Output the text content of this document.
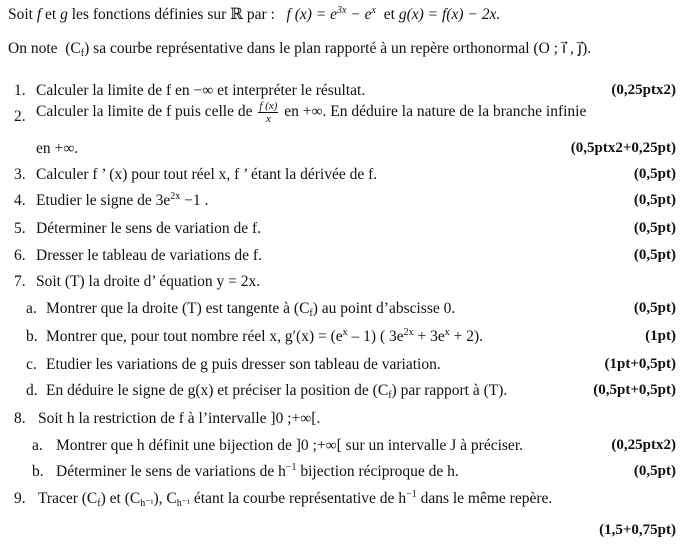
Soit f et g les fonctions définies sur ℝ par : f $(x) = e^{3x} - e^x$ et g(x) = f(x) − 2x.
On note $(C_f)$ sa courbe représentative dans le plan rapporté à un repère orthonormal (O ; i⃗ , j⃗).
1. Calculer la limite de f en −∞ et interpréter le résultat.	(0,25ptx2)
2. Calculer la limite de f puis celle de $\frac{f (x)}{x}$ en +∞. En déduire la nature de la branche infinie
en +∞.	(0,5ptx2+0,25pt)
3. Calculer f ’ (x) pour tout réel x, f ’ étant la dérivée de f.	(0,5pt)
4. Etudier le signe de $3e^{2x} -1$ .	(0,5pt)
5. Déterminer le sens de variation de f.	(0,5pt)
6. Dresser le tableau de variations de f.	(0,5pt)
7. Soit (T) la droite d’ équation y = 2x.
a. Montrer que la droite (T) est tangente à $(C_f)$ au point d’abscisse 0.	(0,5pt)
b. Montrer que, pour tout nombre réel x, $g'(x) = (e^x - 1)$ ( $3e^{2x} + 3e^x + 2$).	(1pt)
c. Etudier les variations de g puis dresser son tableau de variation.	(1pt+0,5pt)
d. En déduire le signe de g(x) et préciser la position de $(C_f)$ par rapport à (T).	(0,5pt+0,5pt)
8. Soit h la restriction de f à l’intervalle ]0 ;+∞[.
a. Montrer que h définit une bijection de ]0 ;+∞[ sur un intervalle J à préciser.	(0,25ptx2)
b. Déterminer le sens de variations de $h^{-1}$ bijection réciproque de h.	(0,5pt)
9. Tracer $(C_f)$ et $(C_{h^{-1}})$, $C_{h^{-1}}$ étant la courbe représentative de $h^{-1}$ dans le même repère.
(1,5+0,75pt)
